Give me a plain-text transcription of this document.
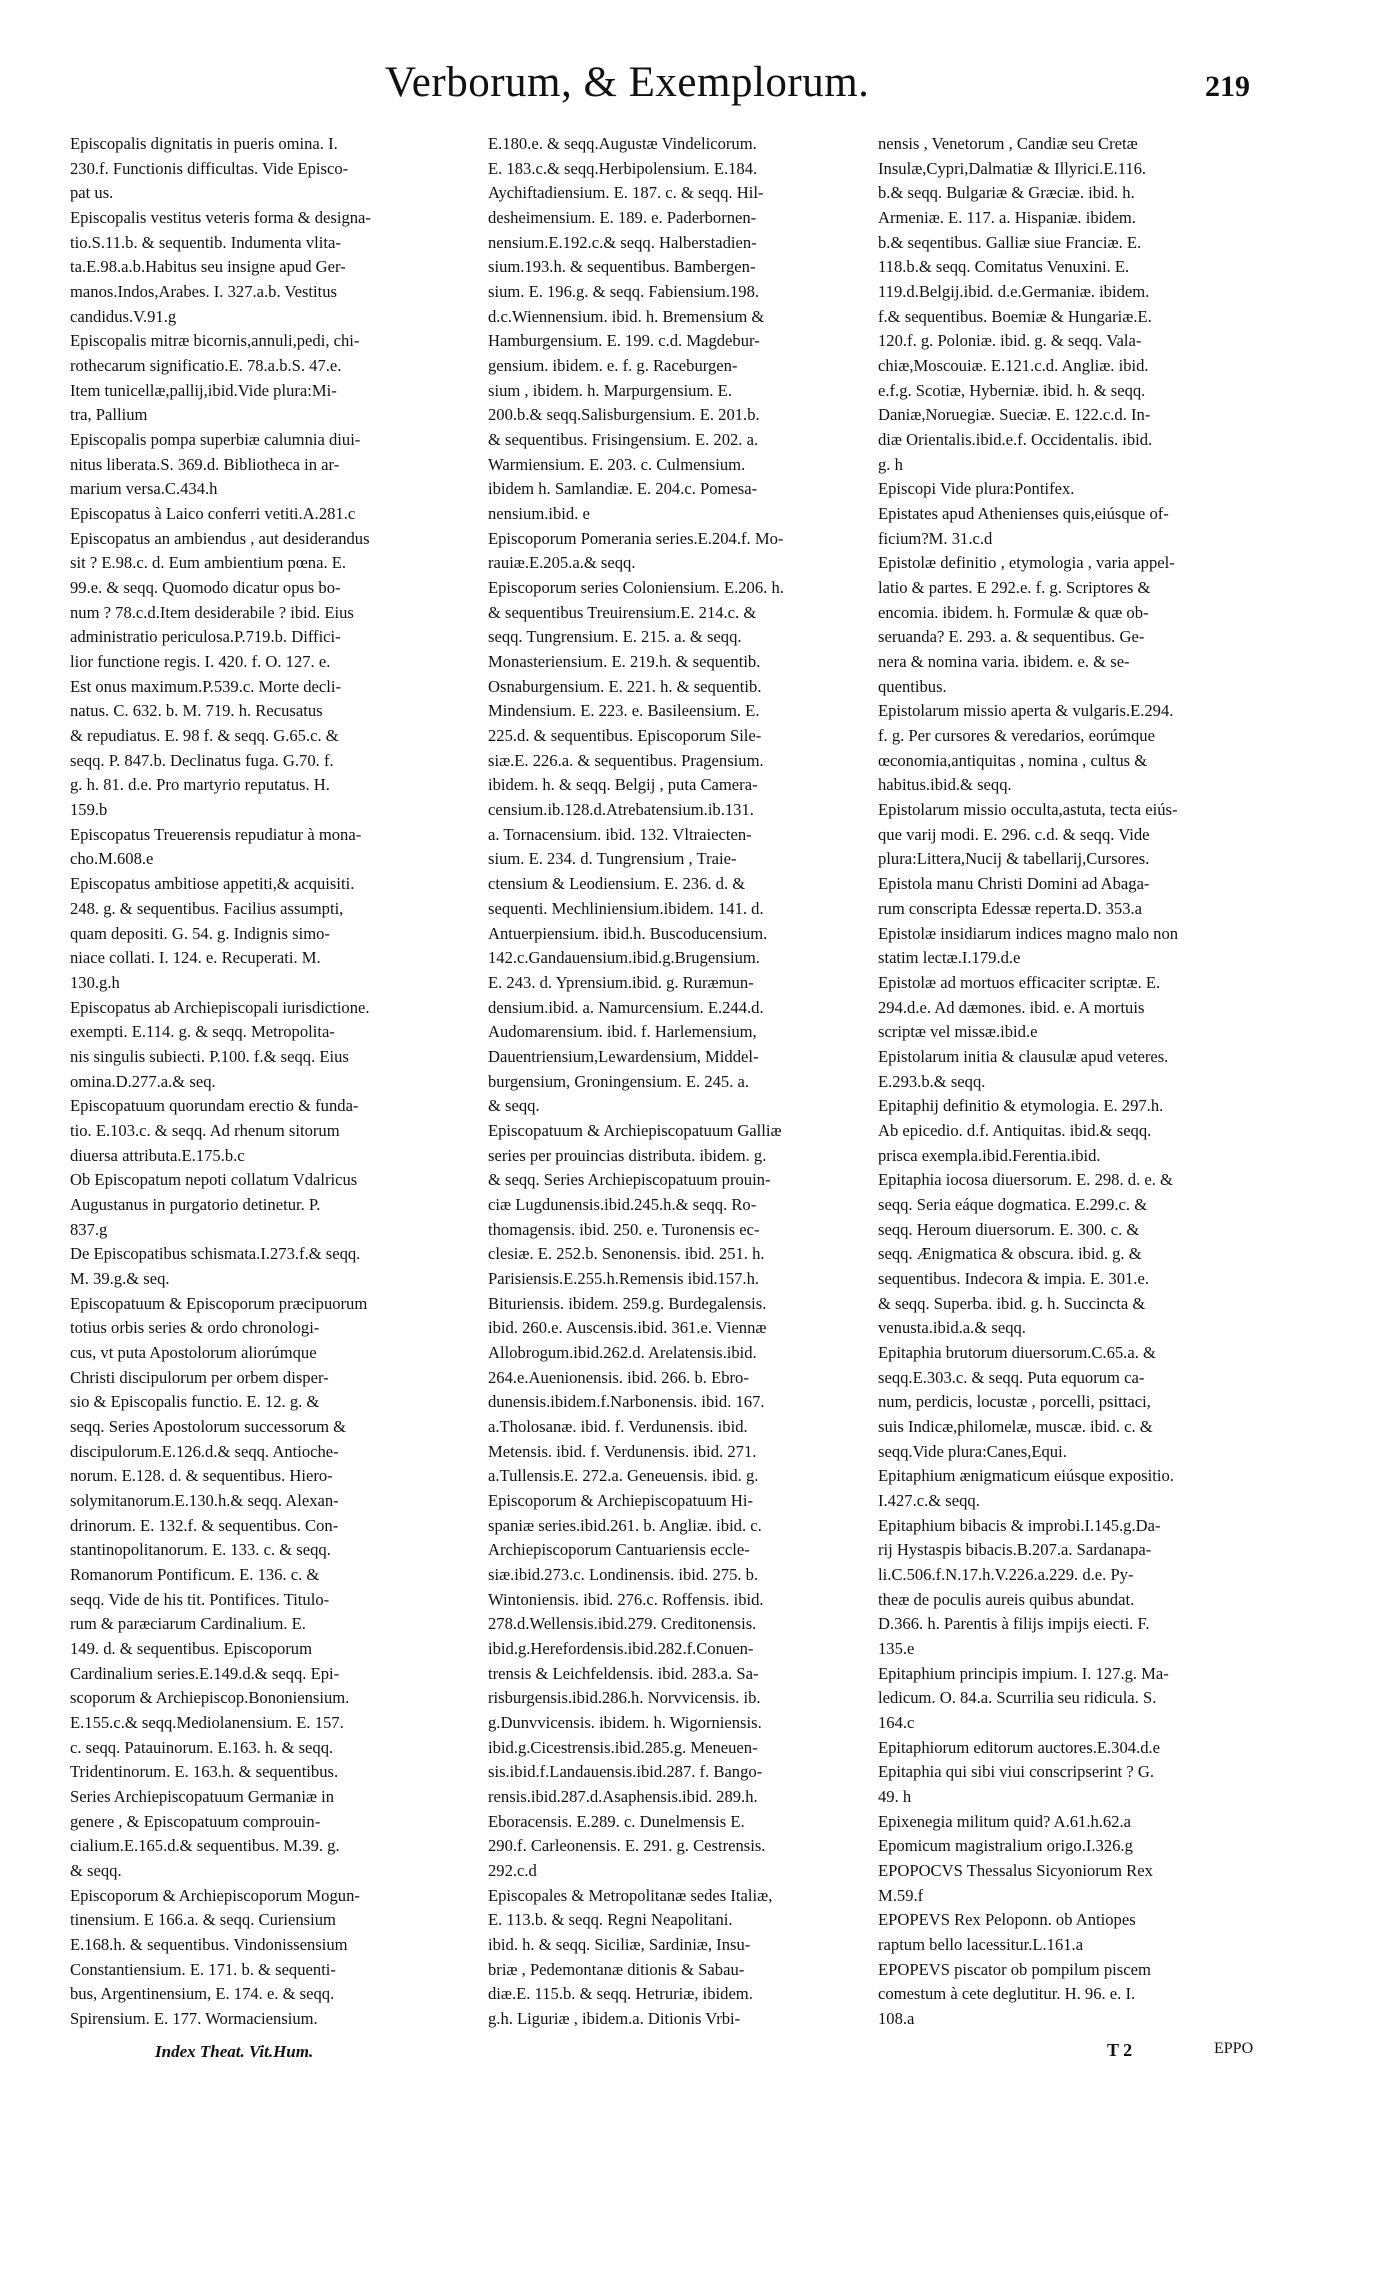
Verborum, & Exemplorum.	219
Episcopalis dignitatis in pueris omina. I.
230.f. Functionis difficultas. Vide Episco-
pat us.
Episcopalis vestitus veteris forma & designa-
tio.S.11.b. & sequentib. Indumenta vlita-
ta.E.98.a.b.Habitus seu insigne apud Ger-
manos.Indos,Arabes. I. 327.a.b. Vestitus
candidus.V.91.g
Episcopalis mitræ bicornis,annuli,pedi, chi-
rothecarum significatio.E. 78.a.b.S. 47.e.
Item tunicellæ,pallij,ibid.Vide plura:Mi-
tra, Pallium
Episcopalis pompa superbiæ calumnia diui-
nitus liberata.S. 369.d. Bibliotheca in ar-
marium versa.C.434.h
Episcopatus à Laico conferri vetiti.A.281.c
Episcopatus an ambiendus , aut desiderandus
sit ? E.98.c. d. Eum ambientium pœna. E.
99.e. & seqq. Quomodo dicatur opus bo-
num ? 78.c.d.Item desiderabile ? ibid. Eius
administratio periculosa.P.719.b. Diffici-
lior functione regis. I. 420. f. O. 127. e.
Est onus maximum.P.539.c. Morte decli-
natus. C. 632. b. M. 719. h. Recusatus
& repudiatus. E. 98 f. & seqq. G.65.c. &
seqq. P. 847.b. Declinatus fuga. G.70. f.
g. h. 81. d.e. Pro martyrio reputatus. H.
159.b
Episcopatus Treuerensis repudiatur à mona-
cho.M.608.e
Episcopatus ambitiose appetiti,& acquisiti.
248. g. & sequentibus. Facilius assumpti,
quam depositi. G. 54. g. Indignis simo-
niace collati. I. 124. e. Recuperati. M.
130.g.h
Episcopatus ab Archiepiscopali iurisdictione.
exempti. E.114. g. & seqq. Metropolita-
nis singulis subiecti. P.100. f.& seqq. Eius
omina.D.277.a.& seq.
Episcopatuum quorundam erectio & funda-
tio. E.103.c. & seqq. Ad rhenum sitorum
diuersa attributa.E.175.b.c
Ob Episcopatum nepoti collatum Vdalricus
Augustanus in purgatorio detinetur. P.
837.g
De Episcopatibus schismata.I.273.f.& seqq.
M. 39.g.& seq.
Episcopatuum & Episcoporum præcipuorum
totius orbis series & ordo chronologi-
cus, vt puta Apostolorum aliorúmque
Christi discipulorum per orbem disper-
sio & Episcopalis functio. E. 12. g. &
seqq. Series Apostolorum successorum &
discipulorum.E.126.d.& seqq. Antioche-
norum. E.128. d. & sequentibus. Hiero-
solymitanorum.E.130.h.& seqq. Alexan-
drinorum. E. 132.f. & sequentibus. Con-
stantinopolitanorum. E. 133. c. & seqq.
Romanorum Pontificum. E. 136. c. &
seqq. Vide de his tit. Pontifices. Titulo-
rum & paræciarum Cardinalium. E.
149. d. & sequentibus. Episcoporum
Cardinalium series.E.149.d.& seqq. Epi-
scoporum & Archiepiscop.Bononiensium.
E.155.c.& seqq.Mediolanensium. E. 157.
c. seqq. Patauinorum. E.163. h. & seqq.
Tridentinorum. E. 163.h. & sequentibus.
Series Archiepiscopatuum Germaniæ in
genere , & Episcopatuum comprouin-
cialium.E.165.d.& sequentibus. M.39. g.
& seqq.
Episcoporum & Archiepiscoporum Mogun-
tinensium. E 166.a. & seqq. Curiensium
E.168.h. & sequentibus. Vindonissensium
Constantiensium. E. 171. b. & sequenti-
bus, Argentinensium, E. 174. e. & seqq.
Spirensium. E. 177. Wormaciensium.
E.180.e. & seqq.Augustæ Vindelicorum.
E. 183.c.& seqq.Herbipolensium. E.184.
Aychiftadiensium. E. 187. c. & seqq. Hil-
desheimensium. E. 189. e. Paderbornen-
nensium.E.192.c.& seqq. Halberstadien-
sium.193.h. & sequentibus. Bambergen-
sium. E. 196.g. & seqq. Fabiensium.198.
d.c.Wiennensium. ibid. h. Bremensium &
Hamburgensium. E. 199. c.d. Magdebur-
gensium. ibidem. e. f. g. Raceburgen-
sium , ibidem. h. Marpurgensium. E.
200.b.& seqq.Salisburgensium. E. 201.b.
& sequentibus. Frisingensium. E. 202. a.
Warmiensium. E. 203. c. Culmensium.
ibidem h. Samlandiæ. E. 204.c. Pomesa-
nensium.ibid. e
Episcoporum Pomerania series.E.204.f. Mo-
rauiæ.E.205.a.& seqq.
Episcoporum series Coloniensium. E.206. h.
& sequentibus Treuirensium.E. 214.c. &
seqq. Tungrensium. E. 215. a. & seqq.
Monasteriensium. E. 219.h. & sequentib.
Osnaburgensium. E. 221. h. & sequentib.
Mindensium. E. 223. e. Basileensium. E.
225.d. & sequentibus. Episcoporum Sile-
siæ.E. 226.a. & sequentibus. Pragensium.
ibidem. h. & seqq. Belgij , puta Camera-
censium.ib.128.d.Atrebatensium.ib.131.
a. Tornacensium. ibid. 132. Vltraiecten-
sium. E. 234. d. Tungrensium , Traie-
ctensium & Leodiensium. E. 236. d. &
sequenti. Mechliniensium.ibidem. 141. d.
Antuerpiensium. ibid.h. Buscoducensium.
142.c.Gandauensium.ibid.g.Brugensium.
E. 243. d. Yprensium.ibid. g. Ruræmun-
densium.ibid. a. Namurcensium. E.244.d.
Audomarensium. ibid. f. Harlemensium,
Dauentriensium,Lewardensium, Middel-
burgensium, Groningensium. E. 245. a.
& seqq.
Episcopatuum & Archiepiscopatuum Galliæ
series per prouincias distributa. ibidem. g.
& seqq. Series Archiepiscopatuum prouin-
ciæ Lugdunensis.ibid.245.h.& seqq. Ro-
thomagensis. ibid. 250. e. Turonensis ec-
clesiæ. E. 252.b. Senonensis. ibid. 251. h.
Parisiensis.E.255.h.Remensis ibid.157.h.
Bituriensis. ibidem. 259.g. Burdegalensis.
ibid. 260.e. Auscensis.ibid. 361.e. Viennæ
Allobrogum.ibid.262.d. Arelatensis.ibid.
264.e.Auenionensis. ibid. 266. b. Ebro-
dunensis.ibidem.f.Narbonensis. ibid. 167.
a.Tholosanæ. ibid. f. Verdunensis. ibid.
Metensis. ibid. f. Verdunensis. ibid. 271.
a.Tullensis.E. 272.a. Geneuensis. ibid. g.
Episcoporum & Archiepiscopatuum Hi-
spaniæ series.ibid.261. b. Angliæ. ibid. c.
Archiepiscoporum Cantuariensis eccle-
siæ.ibid.273.c. Londinensis. ibid. 275. b.
Wintoniensis. ibid. 276.c. Roffensis. ibid.
278.d.Wellensis.ibid.279. Creditonensis.
ibid.g.Herefordensis.ibid.282.f.Conuen-
trensis & Leichfeldensis. ibid. 283.a. Sa-
risburgensis.ibid.286.h. Norvvicensis. ib.
g.Dunvvicensis. ibidem. h. Wigorniensis.
ibid.g.Cicestrensis.ibid.285.g. Meneuen-
sis.ibid.f.Landauensis.ibid.287. f. Bango-
rensis.ibid.287.d.Asaphensis.ibid. 289.h.
Eboracensis. E.289. c. Dunelmensis E.
290.f. Carleonensis. E. 291. g. Cestrensis.
292.c.d
Episcopales & Metropolitanæ sedes Italiæ,
E. 113.b. & seqq. Regni Neapolitani.
ibid. h. & seqq. Siciliæ, Sardiniæ, Insu-
briæ , Pedemontanæ ditionis & Sabau-
diæ.E. 115.b. & seqq. Hetruriæ, ibidem.
g.h. Liguriæ , ibidem.a. Ditionis Vrbi-
nensis , Venetorum , Candiæ seu Cretæ
Insulæ,Cypri,Dalmatiæ & Illyrici.E.116.
b.& seqq. Bulgariæ & Græciæ. ibid. h.
Armeniæ. E. 117. a. Hispaniæ. ibidem.
b.& seqentibus. Galliæ siue Franciæ. E.
118.b.& seqq. Comitatus Venuxini. E.
119.d.Belgij.ibid. d.e.Germaniæ. ibidem.
f.& sequentibus. Boemiæ & Hungariæ.E.
120.f. g. Poloniæ. ibid. g. & seqq. Vala-
chiæ,Moscouiæ. E.121.c.d. Angliæ. ibid.
e.f.g. Scotiæ, Hyberniæ. ibid. h. & seqq.
Daniæ,Noruegiæ. Sueciæ. E. 122.c.d. In-
diæ Orientalis.ibid.e.f. Occidentalis. ibid.
g. h
Episcopi Vide plura:Pontifex.
Epistates apud Athenienses quis,eiúsque of-
ficium?M. 31.c.d
Epistolæ definitio , etymologia , varia appel-
latio & partes. E 292.e. f. g. Scriptores &
encomia. ibidem. h. Formulæ & quæ ob-
seruanda? E. 293. a. & sequentibus. Ge-
nera & nomina varia. ibidem. e. & se-
quentibus.
Epistolarum missio aperta & vulgaris.E.294.
f. g. Per cursores & veredarios, eorúmque
œconomia,antiquitas , nomina , cultus &
habitus.ibid.& seqq.
Epistolarum missio occulta,astuta, tecta eiús-
que varij modi. E. 296. c.d. & seqq. Vide
plura:Littera,Nucij & tabellarij,Cursores.
Epistola manu Christi Domini ad Abaga-
rum conscripta Edessæ reperta.D. 353.a
Epistolæ insidiarum indices magno malo non
statim lectæ.I.179.d.e
Epistolæ ad mortuos efficaciter scriptæ. E.
294.d.e. Ad dæmones. ibid. e. A mortuis
scriptæ vel missæ.ibid.e
Epistolarum initia & clausulæ apud veteres.
E.293.b.& seqq.
Epitaphij definitio & etymologia. E. 297.h.
Ab epicedio. d.f. Antiquitas. ibid.& seqq.
prisca exempla.ibid.Ferentia.ibid.
Epitaphia iocosa diuersorum. E. 298. d. e. &
seqq. Seria eáque dogmatica. E.299.c. &
seqq. Heroum diuersorum. E. 300. c. &
seqq. Ænigmatica & obscura. ibid. g. &
sequentibus. Indecora & impia. E. 301.e.
& seqq. Superba. ibid. g. h. Succincta &
venusta.ibid.a.& seqq.
Epitaphia brutorum diuersorum.C.65.a. &
seqq.E.303.c. & seqq. Puta equorum ca-
num, perdicis, locustæ , porcelli, psittaci,
suis Indicæ,philomelæ, muscæ. ibid. c. &
seqq.Vide plura:Canes,Equi.
Epitaphium ænigmaticum eiúsque expositio.
I.427.c.& seqq.
Epitaphium bibacis & improbi.I.145.g.Da-
rij Hystaspis bibacis.B.207.a. Sardanapa-
li.C.506.f.N.17.h.V.226.a.229. d.e. Py-
theæ de poculis aureis quibus abundat.
D.366. h. Parentis à filijs impijs eiecti. F.
135.e
Epitaphium principis impium. I. 127.g. Ma-
ledicum. O. 84.a. Scurrilia seu ridicula. S.
164.c
Epitaphiorum editorum auctores.E.304.d.e
Epitaphia qui sibi viui conscripserint ? G.
49. h
Epixenegia militum quid? A.61.h.62.a
Epomicum magistralium origo.I.326.g
EPOPOCVS Thessalus Sicyoniorum Rex
M.59.f
EPOPEVS Rex Peloponn. ob Antiopes
raptum bello lacessitur.L.161.a
EPOPEVS piscator ob pompilum piscem
comestum à cete deglutitur. H. 96. e. I.
108.a
Index Theat. Vit.Hum.	T 2	EPPO
